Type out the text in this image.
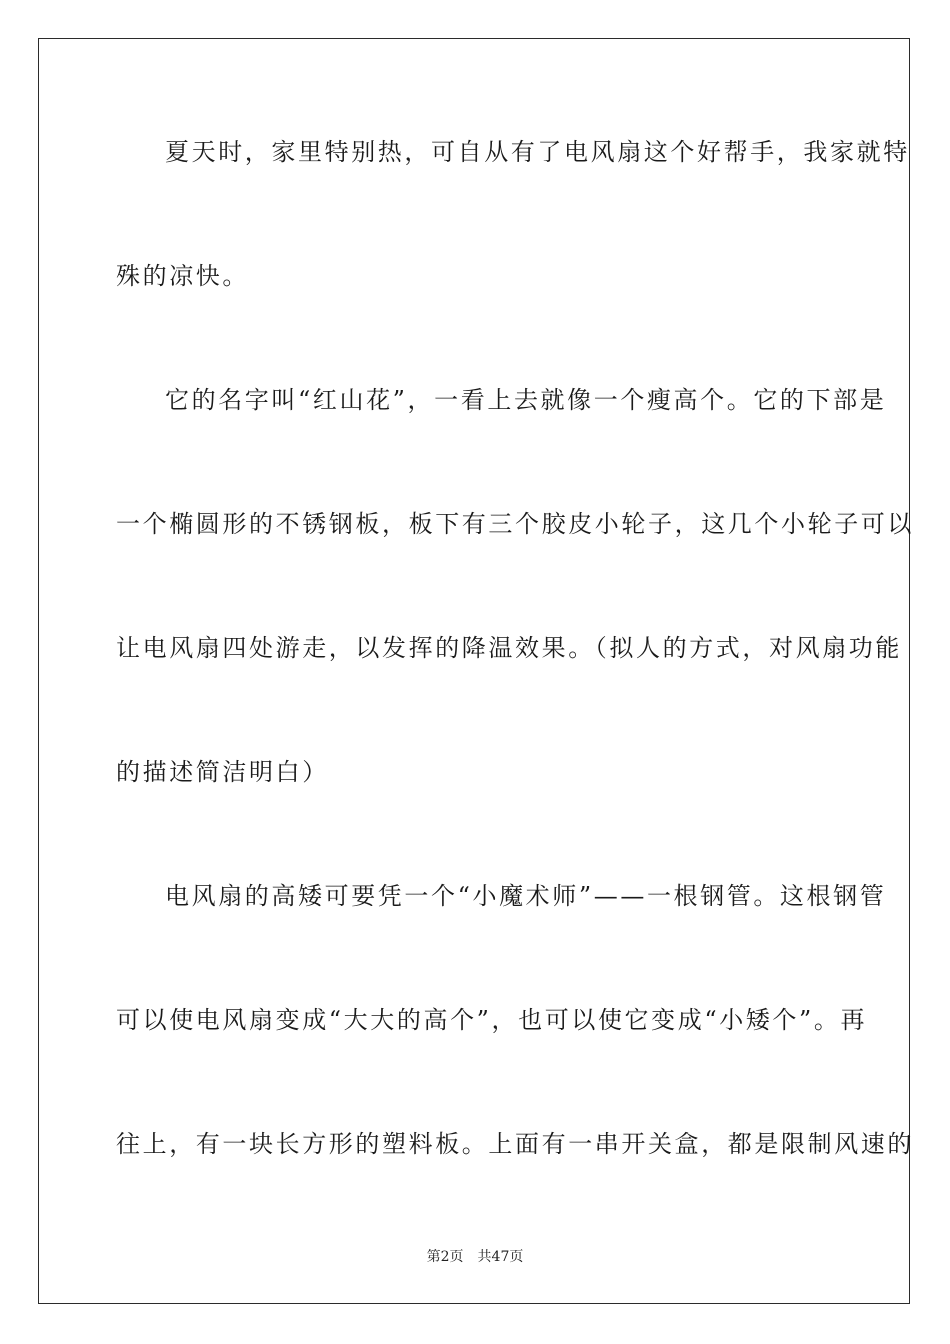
夏天时，家里特别热，可自从有了电风扇这个好帮手，我家就特
殊的凉快。
它的名字叫“红山花”，一看上去就像一个瘦高个。它的下部是
一个椭圆形的不锈钢板，板下有三个胶皮小轮子，这几个小轮子可以
让电风扇四处游走，以发挥的降温效果。（拟人的方式，对风扇功能
的描述简洁明白）
电风扇的高矮可要凭一个“小魔术师”——一根钢管。这根钢管
可以使电风扇变成“大大的高个”，也可以使它变成“小矮个”。再
往上，有一块长方形的塑料板。上面有一串开关盒，都是限制风速的
第2页 共47页
